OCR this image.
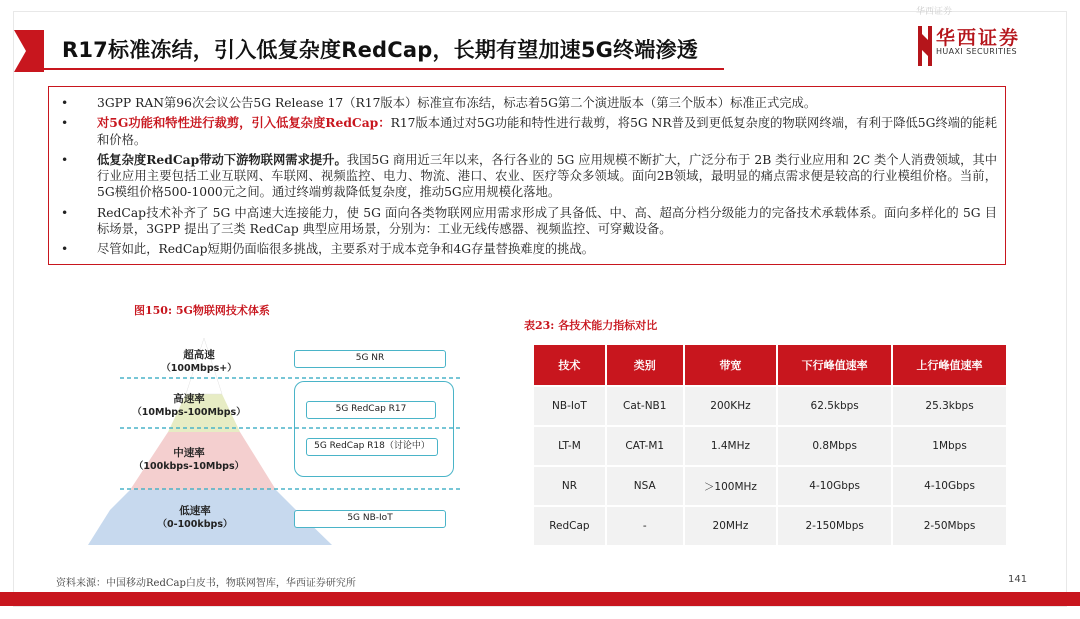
R17标准冻结，引入低复杂度RedCap，长期有望加速5G终端渗透
华西证券
华西证券
HUAXI SECURITIES
• 3GPP RAN第96次会议公告5G Release 17（R17版本）标准宣布冻结，标志着5G第二个演进版本（第三个版本）标准正式完成。
• 对5G功能和特性进行裁剪，引入低复杂度RedCap：R17版本通过对5G功能和特性进行裁剪，将5G NR普及到更低复杂度的物联网终端，有利于降低5G终端的能耗和价格。
• 低复杂度RedCap带动下游物联网需求提升。我国5G 商用近三年以来，各行各业的 5G 应用规模不断扩大，广泛分布于 2B 类行业应用和 2C 类个人消费领域，其中行业应用主要包括工业互联网、车联网、视频监控、电力、物流、港口、农业、医疗等众多领域。面向2B领域，最明显的痛点需求便是较高的行业模组价格。当前，5G模组价格500-1000元之间。通过终端剪裁降低复杂度，推动5G应用规模化落地。
• RedCap技术补齐了 5G 中高速大连接能力，使 5G 面向各类物联网应用需求形成了具备低、中、高、超高分档分级能力的完备技术承载体系。面向多样化的 5G 目标场景，3GPP 提出了三类 RedCap 典型应用场景，分别为：工业无线传感器、视频监控、可穿戴设备。
• 尽管如此，RedCap短期仍面临很多挑战，主要系对于成本竞争和4G存量替换难度的挑战。
图150: 5G物联网技术体系
超高速
（100Mbps+）
高速率
（10Mbps-100Mbps）
中速率
（100kbps-10Mbps）
低速率
（0-100kbps）
5G NR
5G RedCap R17
5G RedCap R18（讨论中）
5G NB-IoT
表23: 各技术能力指标对比
技术	类别	带宽	下行峰值速率	上行峰值速率
NB-IoT	Cat-NB1	200KHz	62.5kbps	25.3kbps
LT-M	CAT-M1	1.4MHz	0.8Mbps	1Mbps
NR	NSA	＞100MHz	4-10Gbps	4-10Gbps
RedCap	-	20MHz	2-150Mbps	2-50Mbps
资料来源：中国移动RedCap白皮书，物联网智库，华西证券研究所	141
